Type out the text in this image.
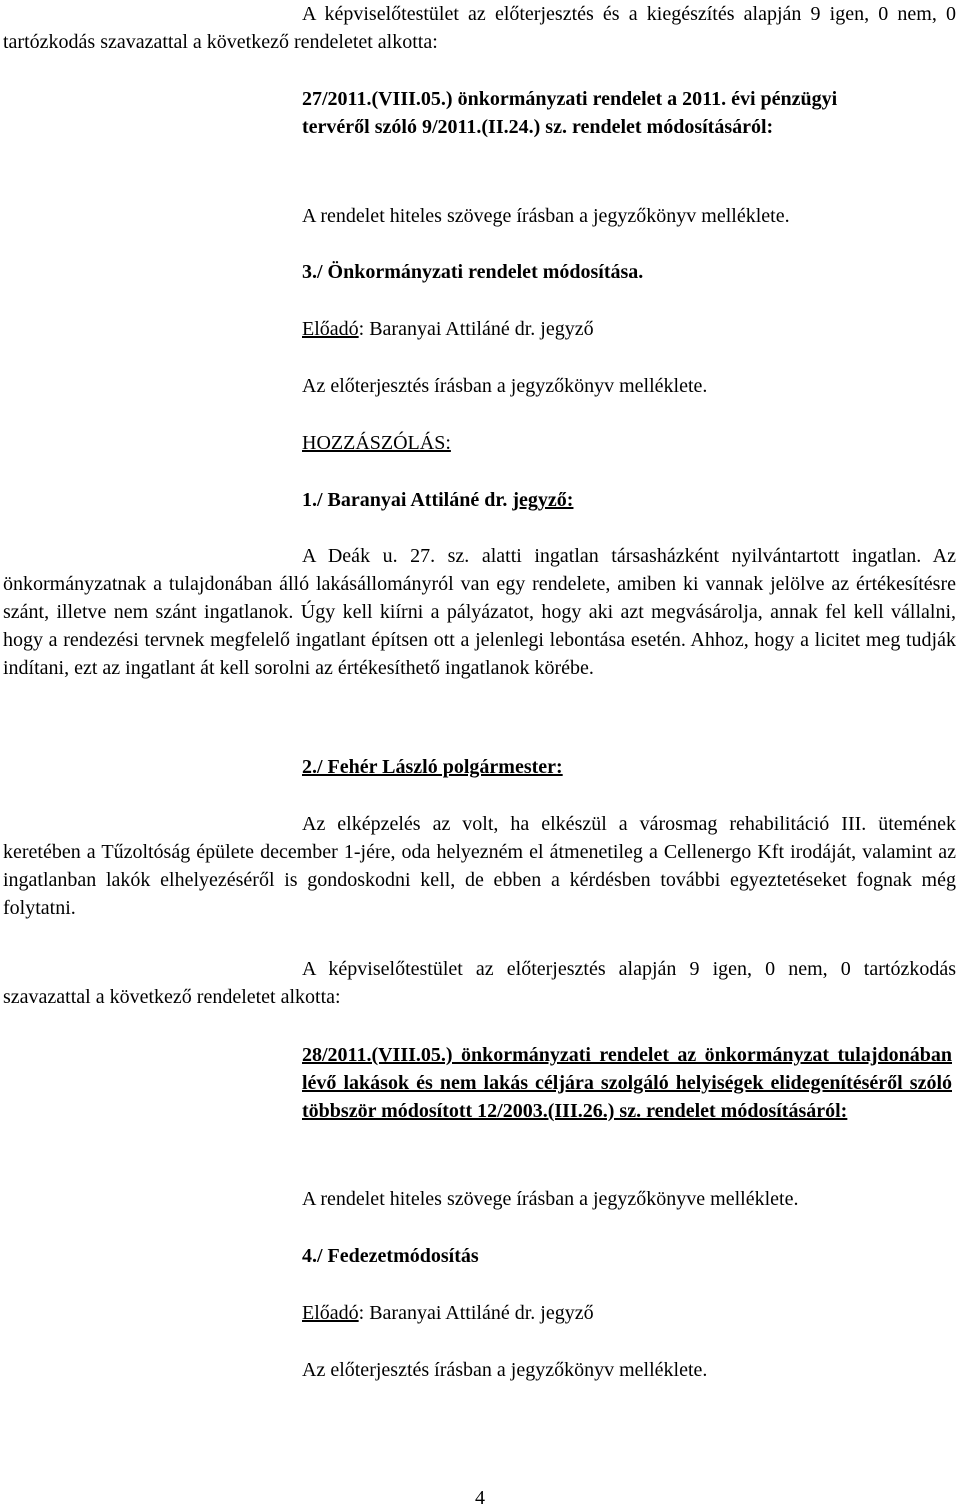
A képviselőtestület az előterjesztés és a kiegészítés alapján 9 igen, 0 nem, 0 tartózkodás szavazattal a következő rendeletet alkotta:

27/2011.(VIII.05.) önkormányzati rendelet a 2011. évi pénzügyi tervéről szóló 9/2011.(II.24.) sz. rendelet módosításáról:

A rendelet hiteles szövege írásban a jegyzőkönyv melléklete.

3./ Önkormányzati rendelet módosítása.

Előadó: Baranyai Attiláné dr. jegyző

Az előterjesztés írásban a jegyzőkönyv melléklete.

HOZZÁSZÓLÁS:

1./ Baranyai Attiláné dr. jegyző:

A Deák u. 27. sz. alatti ingatlan társasházként nyilvántartott ingatlan. Az önkormányzatnak a tulajdonában álló lakásállományról van egy rendelete, amiben ki vannak jelölve az értékesítésre szánt, illetve nem szánt ingatlanok. Úgy kell kiírni a pályázatot, hogy aki azt megvásárolja, annak fel kell vállalni, hogy a rendezési tervnek megfelelő ingatlant építsen ott a jelenlegi lebontása esetén. Ahhoz, hogy a licitet meg tudják indítani, ezt az ingatlant át kell sorolni az értékesíthető ingatlanok körébe.

2./ Fehér László polgármester:

Az elképzelés az volt, ha elkészül a városmag rehabilitáció III. ütemének keretében a Tűzoltóság épülete december 1-jére, oda helyezném el átmenetileg a Cellenergo Kft irodáját, valamint az ingatlanban lakók elhelyezéséről is gondoskodni kell, de ebben a kérdésben további egyeztetéseket fognak még folytatni.

A képviselőtestület az előterjesztés alapján 9 igen, 0 nem, 0 tartózkodás szavazattal a következő rendeletet alkotta:

28/2011.(VIII.05.) önkormányzati rendelet az önkormányzat tulajdonában lévő lakások és nem lakás céljára szolgáló helyiségek elidegenítéséről szóló többször módosított 12/2003.(III.26.) sz. rendelet módosításáról:

A rendelet hiteles szövege írásban a jegyzőkönyve melléklete.

4./ Fedezetmódosítás

Előadó: Baranyai Attiláné dr. jegyző

Az előterjesztés írásban a jegyzőkönyv melléklete.

4
